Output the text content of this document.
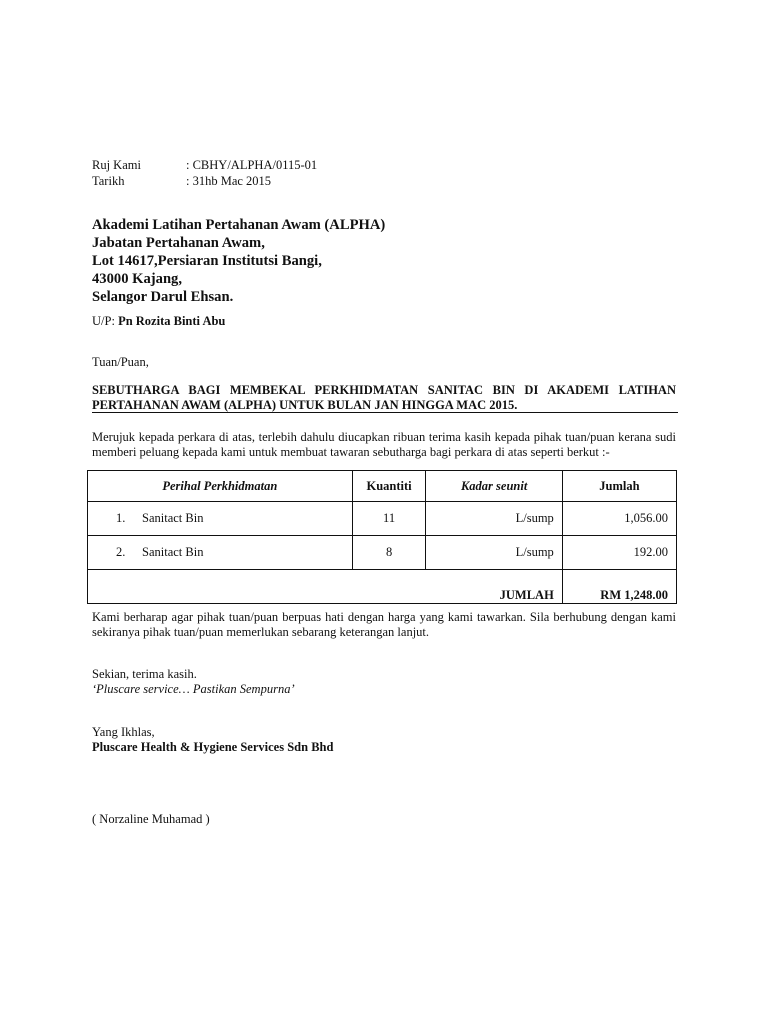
Ruj Kami	: CBHY/ALPHA/0115-01
Tarikh	: 31hb Mac 2015
Akademi Latihan Pertahanan Awam (ALPHA)
Jabatan Pertahanan Awam,
Lot 14617,Persiaran Institutsi Bangi,
43000 Kajang,
Selangor Darul Ehsan.
U/P: Pn Rozita Binti Abu
Tuan/Puan,
SEBUTHARGA BAGI MEMBEKAL PERKHIDMATAN SANITAC BIN DI AKADEMI LATIHAN PERTAHANAN AWAM (ALPHA) UNTUK BULAN JAN HINGGA MAC 2015.
Merujuk kepada perkara di atas, terlebih dahulu diucapkan ribuan terima kasih kepada pihak tuan/puan kerana sudi memberi peluang kepada kami untuk membuat tawaran sebutharga bagi perkara di atas seperti berkut :-
Perihal Perkhidmatan	Kuantiti	Kadar seunit	Jumlah
1. Sanitact Bin	11	L/sump	1,056.00
2. Sanitact Bin	8	L/sump	192.00
JUMLAH			RM 1,248.00
Kami berharap agar pihak tuan/puan berpuas hati dengan harga yang kami tawarkan. Sila berhubung dengan kami sekiranya pihak tuan/puan memerlukan sebarang keterangan lanjut.
Sekian, terima kasih.
‘Pluscare service… Pastikan Sempurna’
Yang Ikhlas,
Pluscare Health & Hygiene Services Sdn Bhd
( Norzaline Muhamad )
